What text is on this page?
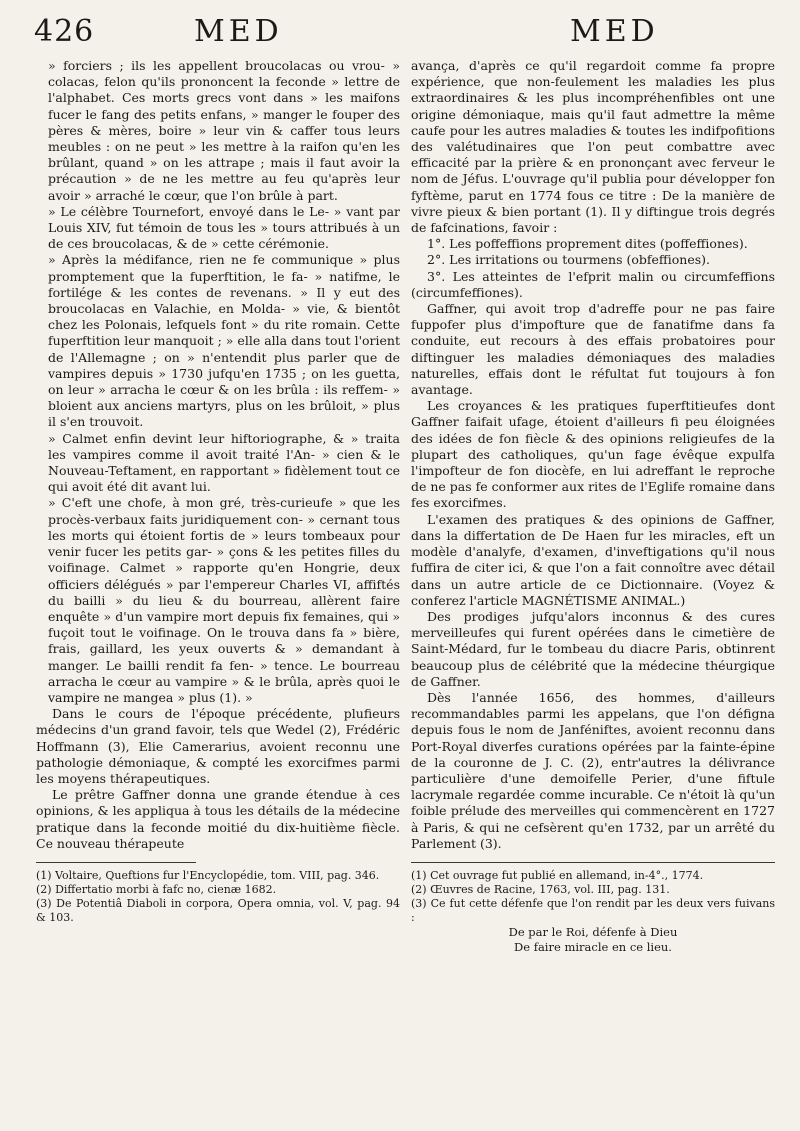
426	MED	MED

» forciers ; ils les appellent broucolacas ou vrou- » colacas, felon qu'ils prononcent la feconde » lettre de l'alphabet. Ces morts grecs vont dans » les maifons fucer le fang des petits enfans, » manger le fouper des pères & mères, boire » leur vin & caffer tous leurs meubles : on ne peut » les mettre à la raifon qu'en les brûlant, quand » on les attrape ; mais il faut avoir la précaution » de ne les mettre au feu qu'après leur avoir » arraché le cœur, que l'on brûle à part.

» Le célèbre Tournefort, envoyé dans le Le- » vant par Louis XIV, fut témoin de tous les » tours attribués à un de ces broucolacas, & de » cette cérémonie.

» Après la médifance, rien ne fe communique » plus promptement que la fuperftition, le fa- » natifme, le fortilége & les contes de revenans. » Il y eut des broucolacas en Valachie, en Molda- » vie, & bientôt chez les Polonais, lefquels font » du rite romain. Cette fuperftition leur manquoit ; » elle alla dans tout l'orient de l'Allemagne ; on » n'entendit plus parler que de vampires depuis » 1730 jufqu'en 1735 ; on les guetta, on leur » arracha le cœur & on les brûla : ils reffem- » bloient aux anciens martyrs, plus on les brûloit, » plus il s'en trouvoit.

» Calmet enfin devint leur hiftoriographe, & » traita les vampires comme il avoit traité l'An- » cien & le Nouveau-Teftament, en rapportant » fidèlement tout ce qui avoit été dit avant lui.

» C'eft une chofe, à mon gré, très-curieufe » que les procès-verbaux faits juridiquement con- » cernant tous les morts qui étoient fortis de » leurs tombeaux pour venir fucer les petits gar- » çons & les petites filles du voifinage. Calmet » rapporte qu'en Hongrie, deux officiers délégués » par l'empereur Charles VI, affiftés du bailli » du lieu & du bourreau, allèrent faire enquête » d'un vampire mort depuis fix femaines, qui » fuçoit tout le voifinage. On le trouva dans fa » bière, frais, gaillard, les yeux ouverts & » demandant à manger. Le bailli rendit fa fen- » tence. Le bourreau arracha le cœur au vampire » & le brûla, après quoi le vampire ne mangea » plus (1). »

Dans le cours de l'époque précédente, plufieurs médecins d'un grand favoir, tels que Wedel (2), Frédéric Hoffmann (3), Elie Camerarius, avoient reconnu une pathologie démoniaque, & compté les exorcifmes parmi les moyens thérapeutiques.

Le prêtre Gaffner donna une grande étendue à ces opinions, & les appliqua à tous les détails de la médecine pratique dans la feconde moitié du dix-huitième fiècle. Ce nouveau thérapeute

(1) Voltaire, Queftions fur l'Encyclopédie, tom. VIII, pag. 346.

(2) Differtatio morbi à fafc no, cienæ 1682.

(3) De Potentiâ Diaboli in corpora, Opera omnia, vol. V, pag. 94 & 103.

avança, d'après ce qu'il regardoit comme fa propre expérience, que non-feulement les maladies les plus extraordinaires & les plus incompréhenfibles ont une origine démoniaque, mais qu'il faut admettre la même caufe pour les autres maladies & toutes les indifpofitions des valétudinaires que l'on peut combattre avec efficacité par la prière & en prononçant avec ferveur le nom de Jéfus. L'ouvrage qu'il publia pour développer fon fyftème, parut en 1774 fous ce titre : De la manière de vivre pieux & bien portant (1). Il y diftingue trois degrés de fafcinations, favoir :

1°. Les poffeffions proprement dites (poffeffiones).

2°. Les irritations ou tourmens (obfeffiones).

3°. Les atteintes de l'efprit malin ou circumfeffions (circumfeffiones).

Gaffner, qui avoit trop d'adreffe pour ne pas faire fuppofer plus d'impofture que de fanatifme dans fa conduite, eut recours à des effais probatoires pour diftinguer les maladies démoniaques des maladies naturelles, effais dont le réfultat fut toujours à fon avantage.

Les croyances & les pratiques fuperftitieufes dont Gaffner faifait ufage, étoient d'ailleurs fi peu éloignées des idées de fon fiècle & des opinions religieufes de la plupart des catholiques, qu'un fage évêque expulfa l'impofteur de fon diocèfe, en lui adreffant le reproche de ne pas fe conformer aux rites de l'Eglife romaine dans fes exorcifmes.

L'examen des pratiques & des opinions de Gaffner, dans la differtation de De Haen fur les miracles, eft un modèle d'analyfe, d'examen, d'inveftigations qu'il nous fuffira de citer ici, & que l'on a fait connoître avec détail dans un autre article de ce Dictionnaire. (Voyez & conferez l'article MAGNÉTISME ANIMAL.)

Des prodiges jufqu'alors inconnus & des cures merveilleufes qui furent opérées dans le cimetière de Saint-Médard, fur le tombeau du diacre Paris, obtinrent beaucoup plus de célébrité que la médecine théurgique de Gaffner.

Dès l'année 1656, des hommes, d'ailleurs recommandables parmi les appelans, que l'on défigna depuis fous le nom de Janféniftes, avoient reconnu dans Port-Royal diverfes curations opérées par la fainte-épine de la couronne de J. C. (2), entr'autres la délivrance particulière d'une demoifelle Perier, d'une fiftule lacrymale regardée comme incurable. Ce n'étoit là qu'un foible prélude des merveilles qui commencèrent en 1727 à Paris, & qui ne cefsèrent qu'en 1732, par un arrêté du Parlement (3).

(1) Cet ouvrage fut publié en allemand, in-4°., 1774.

(2) Œuvres de Racine, 1763, vol. III, pag. 131.

(3) Ce fut cette défenfe que l'on rendit par les deux vers fuivans :

De par le Roi, défenfe à Dieu

De faire miracle en ce lieu.
